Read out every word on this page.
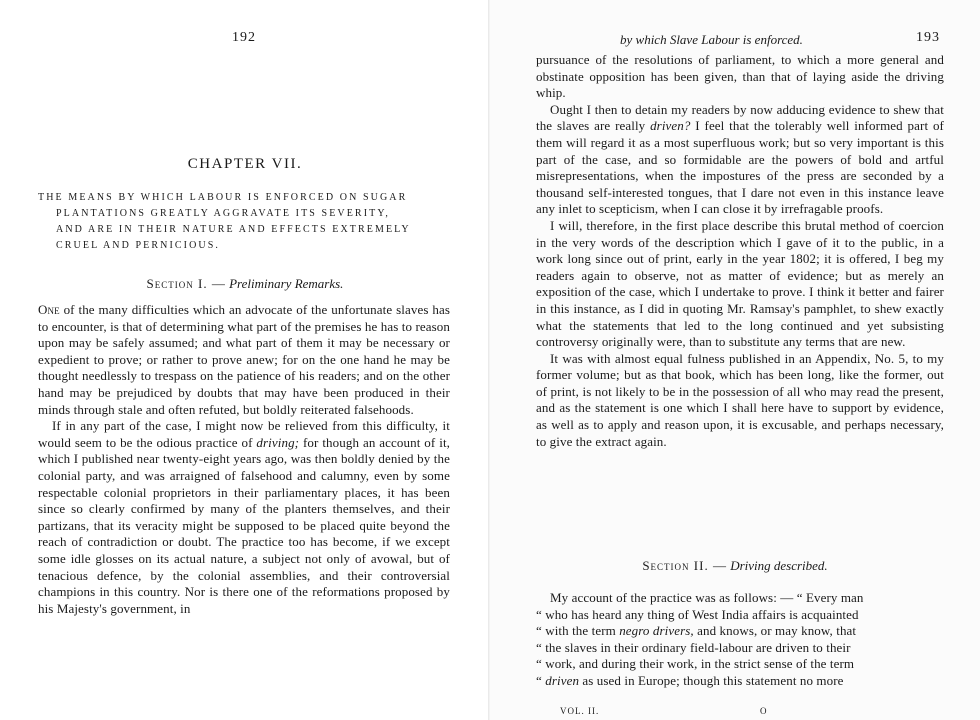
192
CHAPTER VII.
THE MEANS BY WHICH LABOUR IS ENFORCED ON SUGAR
PLANTATIONS GREATLY AGGRAVATE ITS SEVERITY,
AND ARE IN THEIR NATURE AND EFFECTS EXTREMELY
CRUEL AND PERNICIOUS.
Section I. — Preliminary Remarks.

One of the many difficulties which an advocate of the unfortunate slaves has to encounter, is that of determining what part of the premises he has to reason upon may be safely assumed; and what part of them it may be necessary or expedient to prove; or rather to prove anew; for on the one hand he may be thought needlessly to trespass on the patience of his readers; and on the other hand may be prejudiced by doubts that may have been produced in their minds through stale and often refuted, but boldly reiterated falsehoods.

If in any part of the case, I might now be relieved from this difficulty, it would seem to be the odious practice of driving; for though an account of it, which I published near twenty-eight years ago, was then boldly denied by the colonial party, and was arraigned of falsehood and calumny, even by some respectable colonial proprietors in their parliamentary places, it has been since so clearly confirmed by many of the planters themselves, and their partizans, that its veracity might be supposed to be placed quite beyond the reach of contradiction or doubt. The practice too has become, if we except some idle glosses on its actual nature, a subject not only of avowal, but of tenacious defence, by the colonial assemblies, and their controversial champions in this country. Nor is there one of the reformations proposed by his Majesty's government, in

by which Slave Labour is enforced.	193

pursuance of the resolutions of parliament, to which a more general and obstinate opposition has been given, than that of laying aside the driving whip.

Ought I then to detain my readers by now adducing evidence to shew that the slaves are really driven? I feel that the tolerably well informed part of them will regard it as a most superfluous work; but so very important is this part of the case, and so formidable are the powers of bold and artful misrepresentations, when the impostures of the press are seconded by a thousand self-interested tongues, that I dare not even in this instance leave any inlet to scepticism, when I can close it by irrefragable proofs.

I will, therefore, in the first place describe this brutal method of coercion in the very words of the description which I gave of it to the public, in a work long since out of print, early in the year 1802; it is offered, I beg my readers again to observe, not as matter of evidence; but as merely an exposition of the case, which I undertake to prove. I think it better and fairer in this instance, as I did in quoting Mr. Ramsay's pamphlet, to shew exactly what the statements that led to the long continued and yet subsisting controversy originally were, than to substitute any terms that are new.

It was with almost equal fulness published in an Appendix, No. 5, to my former volume; but as that book, which has been long, like the former, out of print, is not likely to be in the possession of all who may read the present, and as the statement is one which I shall here have to support by evidence, as well as to apply and reason upon, it is excusable, and perhaps necessary, to give the extract again.

Section II. — Driving described.

My account of the practice was as follows: — “ Every man

“ who has heard any thing of West India affairs is acquainted

“ with the term negro drivers, and knows, or may know, that

“ the slaves in their ordinary field-labour are driven to their

“ work, and during their work, in the strict sense of the term

“ driven as used in Europe; though this statement no more

VOL. II.	O
